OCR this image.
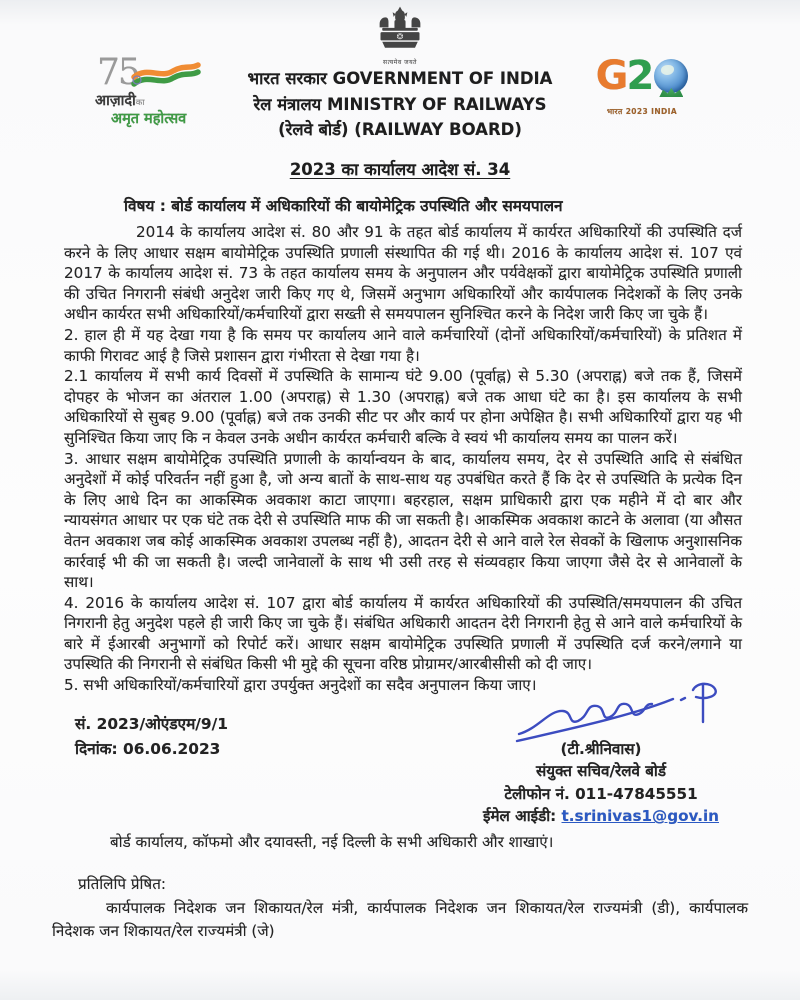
सत्यमेव जयते
भारत सरकार GOVERNMENT OF INDIA
रेल मंत्रालय MINISTRY OF RAILWAYS
(रेलवे बोर्ड) (RAILWAY BOARD)
75
आज़ादीका
अमृत महोत्सव
G 2
भारत 2023 INDIA
2023 का कार्यालय आदेश सं. 34
विषय : बोर्ड कार्यालय में अधिकारियों की बायोमेट्रिक उपस्थिति और समयपालन

2014 के कार्यालय आदेश सं. 80 और 91 के तहत बोर्ड कार्यालय में कार्यरत अधिकारियों की उपस्थिति दर्ज करने के लिए आधार सक्षम बायोमेट्रिक उपस्थिति प्रणाली संस्थापित की गई थी। 2016 के कार्यालय आदेश सं. 107 एवं 2017 के कार्यालय आदेश सं. 73 के तहत कार्यालय समय के अनुपालन और पर्यवेक्षकों द्वारा बायोमेट्रिक उपस्थिति प्रणाली की उचित निगरानी संबंधी अनुदेश जारी किए गए थे, जिसमें अनुभाग अधिकारियों और कार्यपालक निदेशकों के लिए उनके अधीन कार्यरत सभी अधिकारियों/कर्मचारियों द्वारा सख्ती से समयपालन सुनिश्चित करने के निदेश जारी किए जा चुके हैं।

2. हाल ही में यह देखा गया है कि समय पर कार्यालय आने वाले कर्मचारियों (दोनों अधिकारियों/कर्मचारियों) के प्रतिशत में काफी गिरावट आई है जिसे प्रशासन द्वारा गंभीरता से देखा गया है।

2.1 कार्यालय में सभी कार्य दिवसों में उपस्थिति के सामान्य घंटे 9.00 (पूर्वाह्न) से 5.30 (अपराह्न) बजे तक हैं, जिसमें दोपहर के भोजन का अंतराल 1.00 (अपराह्न) से 1.30 (अपराह्न) बजे तक आधा घंटे का है। इस कार्यालय के सभी अधिकारियों से सुबह 9.00 (पूर्वाह्न) बजे तक उनकी सीट पर और कार्य पर होना अपेक्षित है। सभी अधिकारियों द्वारा यह भी सुनिश्चित किया जाए कि न केवल उनके अधीन कार्यरत कर्मचारी बल्कि वे स्वयं भी कार्यालय समय का पालन करें।

3. आधार सक्षम बायोमेट्रिक उपस्थिति प्रणाली के कार्यान्वयन के बाद, कार्यालय समय, देर से उपस्थिति आदि से संबंधित अनुदेशों में कोई परिवर्तन नहीं हुआ है, जो अन्य बातों के साथ-साथ यह उपबंधित करते हैं कि देर से उपस्थिति के प्रत्येक दिन के लिए आधे दिन का आकस्मिक अवकाश काटा जाएगा। बहरहाल, सक्षम प्राधिकारी द्वारा एक महीने में दो बार और न्यायसंगत आधार पर एक घंटे तक देरी से उपस्थिति माफ की जा सकती है। आकस्मिक अवकाश काटने के अलावा (या औसत वेतन अवकाश जब कोई आकस्मिक अवकाश उपलब्ध नहीं है), आदतन देरी से आने वाले रेल सेवकों के खिलाफ अनुशासनिक कार्रवाई भी की जा सकती है। जल्दी जानेवालों के साथ भी उसी तरह से संव्यवहार किया जाएगा जैसे देर से आनेवालों के साथ।

4. 2016 के कार्यालय आदेश सं. 107 द्वारा बोर्ड कार्यालय में कार्यरत अधिकारियों की उपस्थिति/समयपालन की उचित निगरानी हेतु अनुदेश पहले ही जारी किए जा चुके हैं। संबंधित अधिकारी आदतन देरी निगरानी हेतु से आने वाले कर्मचारियों के बारे में ईआरबी अनुभागों को रिपोर्ट करें। आधार सक्षम बायोमेट्रिक उपस्थिति प्रणाली में उपस्थिति दर्ज करने/लगाने या उपस्थिति की निगरानी से संबंधित किसी भी मुद्दे की सूचना वरिष्ठ प्रोग्रामर/आरबीसीसी को दी जाए।

5. सभी अधिकारियों/कर्मचारियों द्वारा उपर्युक्त अनुदेशों का सदैव अनुपालन किया जाए।

सं. 2023/ओएंडएम/9/1
दिनांक: 06.06.2023	(टी.श्रीनिवास)
संयुक्त सचिव/रेलवे बोर्ड
टेलीफोन नं. 011-47845551
ईमेल आईडी: t.srinivas1@gov.in
बोर्ड कार्यालय, कॉफमो और दयावस्ती, नई दिल्ली के सभी अधिकारी और शाखाएं।
प्रतिलिपि प्रेषित:
कार्यपालक निदेशक जन शिकायत/रेल मंत्री, कार्यपालक निदेशक जन शिकायत/रेल राज्यमंत्री (डी), कार्यपालक निदेशक जन शिकायत/रेल राज्यमंत्री (जे)
